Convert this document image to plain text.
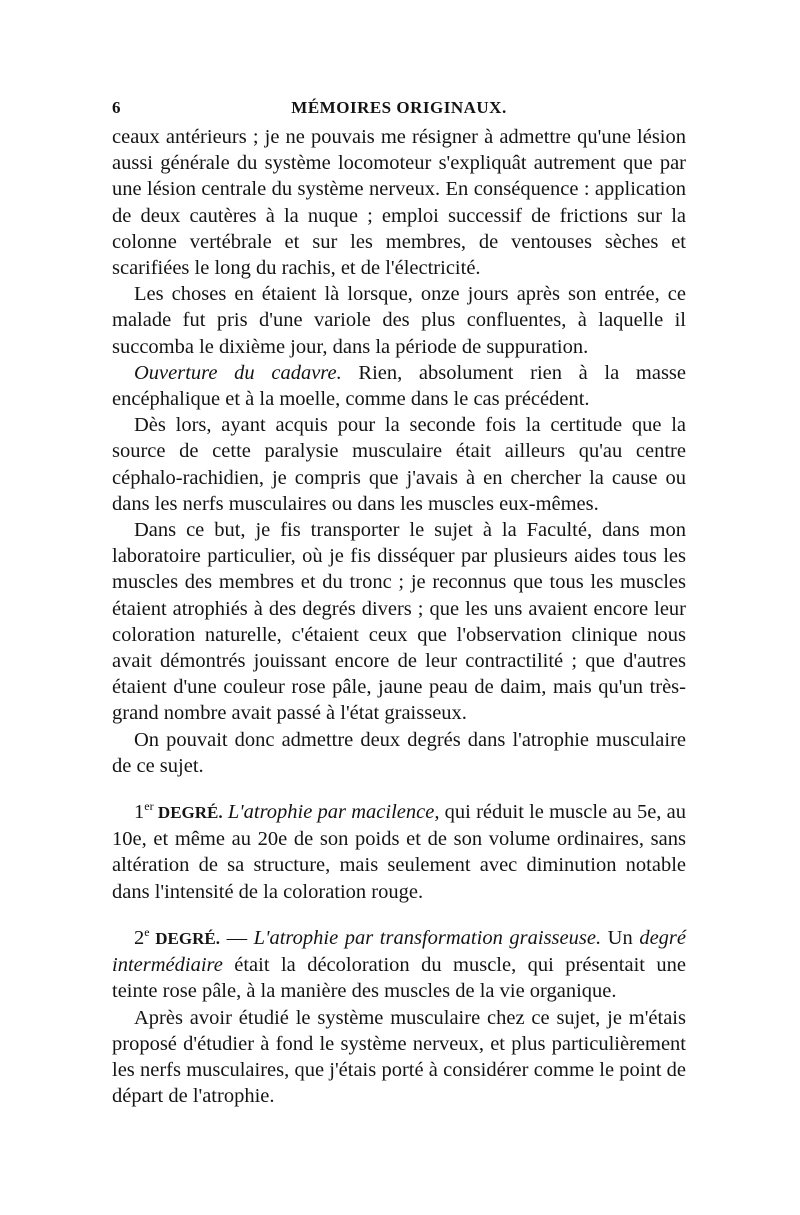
6	MÉMOIRES ORIGINAUX.

ceaux antérieurs ; je ne pouvais me résigner à admettre qu'une lésion aussi générale du système locomoteur s'expliquât autrement que par une lésion centrale du système nerveux. En conséquence : application de deux cautères à la nuque ; emploi successif de frictions sur la colonne vertébrale et sur les membres, de ventouses sèches et scarifiées le long du rachis, et de l'électricité.

Les choses en étaient là lorsque, onze jours après son entrée, ce malade fut pris d'une variole des plus confluentes, à laquelle il succomba le dixième jour, dans la période de suppuration.

Ouverture du cadavre. Rien, absolument rien à la masse encéphalique et à la moelle, comme dans le cas précédent.

Dès lors, ayant acquis pour la seconde fois la certitude que la source de cette paralysie musculaire était ailleurs qu'au centre céphalo-rachidien, je compris que j'avais à en chercher la cause ou dans les nerfs musculaires ou dans les muscles eux-mêmes.

Dans ce but, je fis transporter le sujet à la Faculté, dans mon laboratoire particulier, où je fis disséquer par plusieurs aides tous les muscles des membres et du tronc ; je reconnus que tous les muscles étaient atrophiés à des degrés divers ; que les uns avaient encore leur coloration naturelle, c'étaient ceux que l'observation clinique nous avait démontrés jouissant encore de leur contractilité ; que d'autres étaient d'une couleur rose pâle, jaune peau de daim, mais qu'un très-grand nombre avait passé à l'état graisseux.

On pouvait donc admettre deux degrés dans l'atrophie musculaire de ce sujet.

1er DEGRÉ. L'atrophie par macilence, qui réduit le muscle au 5e, au 10e, et même au 20e de son poids et de son volume ordinaires, sans altération de sa structure, mais seulement avec diminution notable dans l'intensité de la coloration rouge.

2e DEGRÉ. — L'atrophie par transformation graisseuse. Un degré intermédiaire était la décoloration du muscle, qui présentait une teinte rose pâle, à la manière des muscles de la vie organique.

Après avoir étudié le système musculaire chez ce sujet, je m'étais proposé d'étudier à fond le système nerveux, et plus particulièrement les nerfs musculaires, que j'étais porté à considérer comme le point de départ de l'atrophie.
